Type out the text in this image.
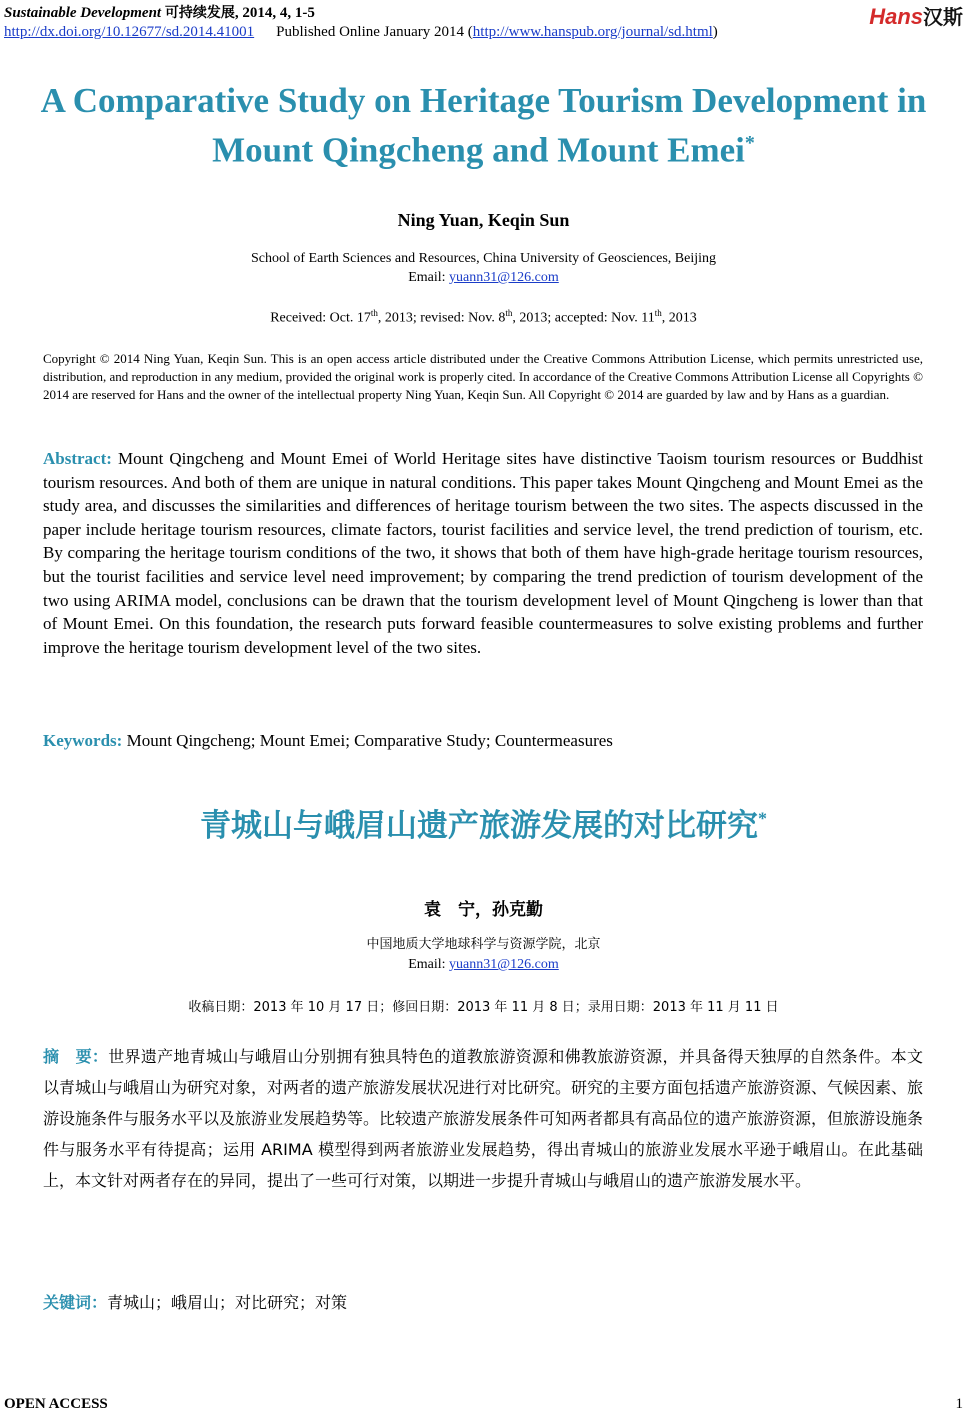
Sustainable Development 可持续发展, 2014, 4, 1-5
http://dx.doi.org/10.12677/sd.2014.41001 Published Online January 2014 (http://www.hanspub.org/journal/sd.html)
Hans汉斯
A Comparative Study on Heritage Tourism Development in Mount Qingcheng and Mount Emei*
Ning Yuan, Keqin Sun
School of Earth Sciences and Resources, China University of Geosciences, Beijing
Email: yuann31@126.com
Received: Oct. 17th, 2013; revised: Nov. 8th, 2013; accepted: Nov. 11th, 2013
Copyright © 2014 Ning Yuan, Keqin Sun. This is an open access article distributed under the Creative Commons Attribution License, which permits unrestricted use, distribution, and reproduction in any medium, provided the original work is properly cited. In accordance of the Creative Commons Attribution License all Copyrights © 2014 are reserved for Hans and the owner of the intellectual property Ning Yuan, Keqin Sun. All Copyright © 2014 are guarded by law and by Hans as a guardian.
Abstract: Mount Qingcheng and Mount Emei of World Heritage sites have distinctive Taoism tourism resources or Buddhist tourism resources. And both of them are unique in natural conditions. This paper takes Mount Qingcheng and Mount Emei as the study area, and discusses the similarities and differences of heritage tourism between the two sites. The aspects discussed in the paper include heritage tourism resources, climate factors, tourist facilities and service level, the trend prediction of tourism, etc. By comparing the heritage tourism conditions of the two, it shows that both of them have high-grade heritage tourism resources, but the tourist facilities and service level need improvement; by comparing the trend prediction of tourism development of the two using ARIMA model, conclusions can be drawn that the tourism development level of Mount Qingcheng is lower than that of Mount Emei. On this foundation, the research puts forward feasible countermeasures to solve existing problems and further improve the heritage tourism development level of the two sites.
Keywords: Mount Qingcheng; Mount Emei; Comparative Study; Countermeasures
青城山与峨眉山遗产旅游发展的对比研究*
袁　宁，孙克勤
中国地质大学地球科学与资源学院，北京
Email: yuann31@126.com
收稿日期：2013 年 10 月 17 日；修回日期：2013 年 11 月 8 日；录用日期：2013 年 11 月 11 日
摘　要：世界遗产地青城山与峨眉山分别拥有独具特色的道教旅游资源和佛教旅游资源，并具备得天独厚的自然条件。本文以青城山与峨眉山为研究对象，对两者的遗产旅游发展状况进行对比研究。研究的主要方面包括遗产旅游资源、气候因素、旅游设施条件与服务水平以及旅游业发展趋势等。比较遗产旅游发展条件可知两者都具有高品位的遗产旅游资源，但旅游设施条件与服务水平有待提高；运用 ARIMA 模型得到两者旅游业发展趋势，得出青城山的旅游业发展水平逊于峨眉山。在此基础上，本文针对两者存在的异同，提出了一些可行对策，以期进一步提升青城山与峨眉山的遗产旅游发展水平。
关键词：青城山；峨眉山；对比研究；对策
OPEN ACCESS	1
